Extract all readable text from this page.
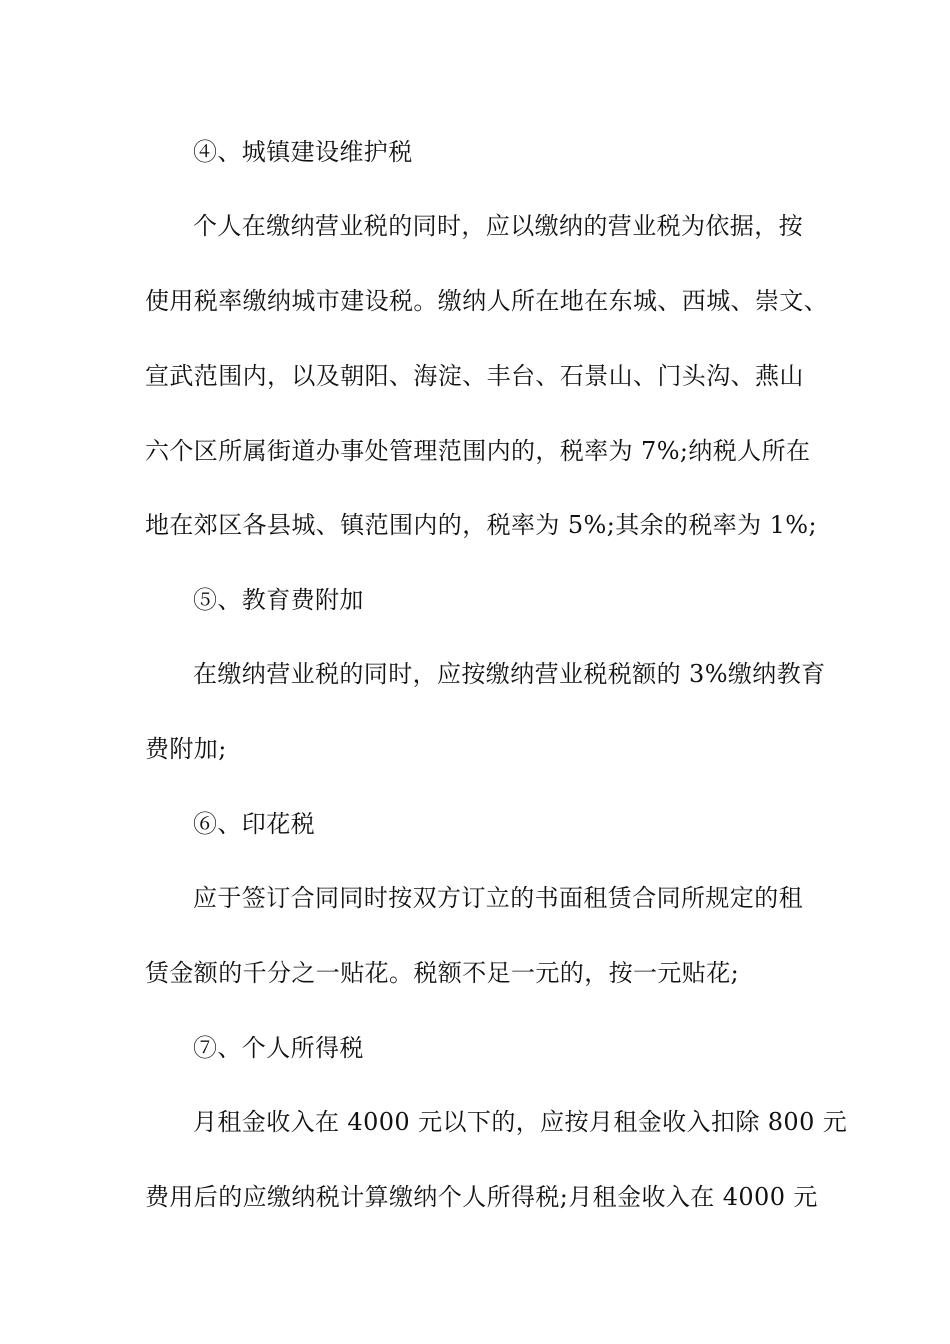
④、城镇建设维护税
个人在缴纳营业税的同时，应以缴纳的营业税为依据，按
使用税率缴纳城市建设税。缴纳人所在地在东城、西城、崇文、
宣武范围内，以及朝阳、海淀、丰台、石景山、门头沟、燕山
六个区所属街道办事处管理范围内的，税率为 7%;纳税人所在
地在郊区各县城、镇范围内的，税率为 5%;其余的税率为 1%;
⑤、教育费附加
在缴纳营业税的同时，应按缴纳营业税税额的 3%缴纳教育
费附加;
⑥、印花税
应于签订合同同时按双方订立的书面租赁合同所规定的租
赁金额的千分之一贴花。税额不足一元的，按一元贴花;
⑦、个人所得税
月租金收入在 4000 元以下的，应按月租金收入扣除 800 元
费用后的应缴纳税计算缴纳个人所得税;月租金收入在 4000 元
